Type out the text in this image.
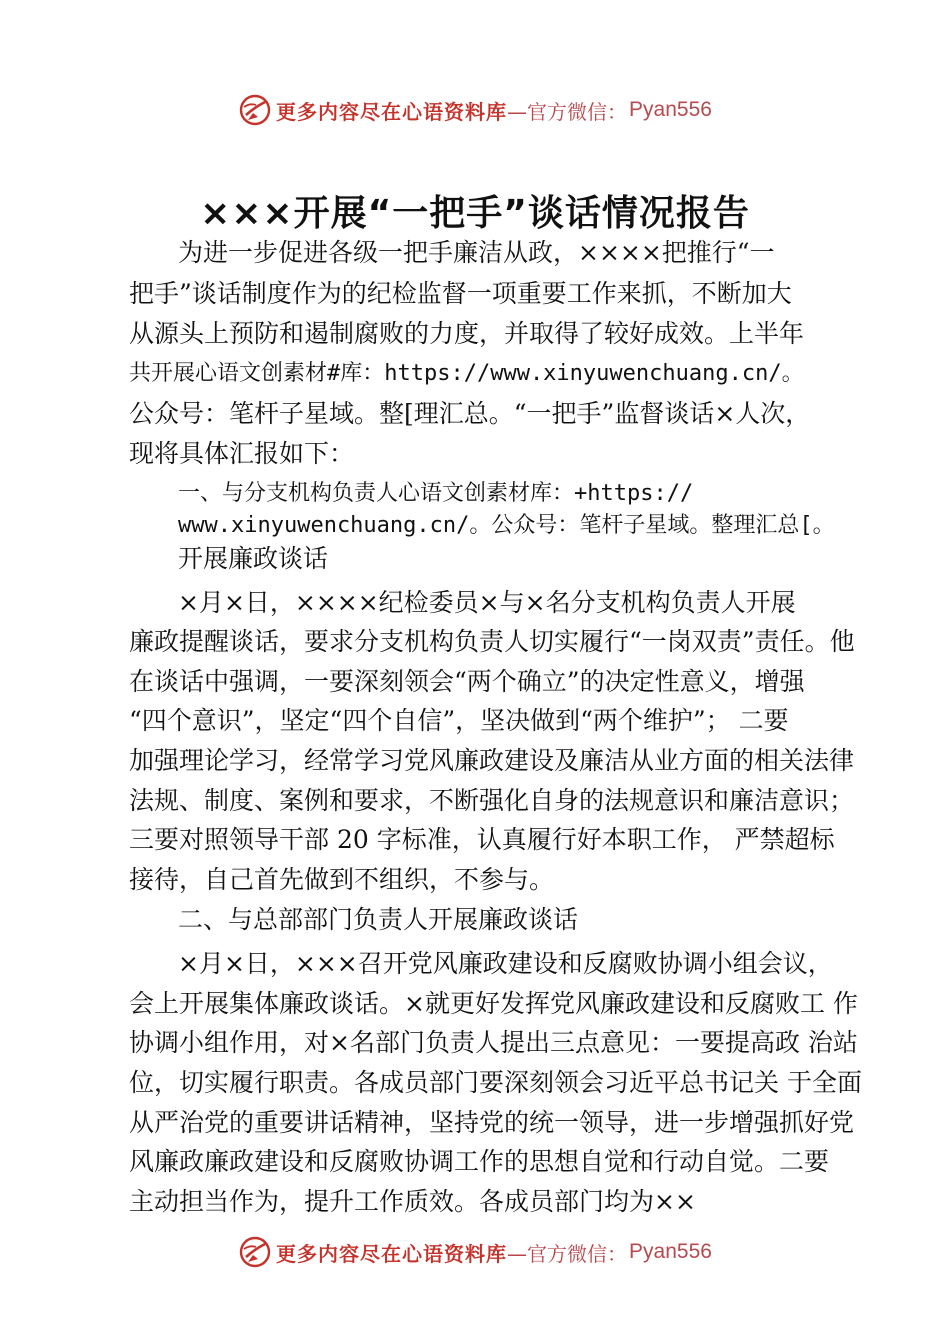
更多内容尽在心语资料库 —官方微信： Pyan556
×××开展“一把手”谈话情况报告
为进一步促进各级一把手廉洁从政，××××把推行“一
把手”谈话制度作为的纪检监督一项重要工作来抓，不断加大
从源头上预防和遏制腐败的力度，并取得了较好成效。上半年
共开展心语文创素材#库：https://www.xinyuwenchuang.cn/。
公众号：笔杆子星域。整[理汇总。“一把手”监督谈话×人次，
现将具体汇报如下：
一、与分支机构负责人心语文创素材库：+https://
www.xinyuwenchuang.cn/。公众号：笔杆子星域。整理汇总[。
开展廉政谈话
×月×日，××××纪检委员×与×名分支机构负责人开展
廉政提醒谈话，要求分支机构负责人切实履行“一岗双责”责任。他
在谈话中强调，一要深刻领会“两个确立”的决定性意义，增强
“四个意识”，坚定“四个自信”，坚决做到“两个维护”； 二要
加强理论学习，经常学习党风廉政建设及廉洁从业方面的相关法律
法规、制度、案例和要求，不断强化自身的法规意识和廉洁意识；
三要对照领导干部 20 字标准，认真履行好本职工作， 严禁超标
接待，自己首先做到不组织，不参与。
二、与总部部门负责人开展廉政谈话
×月×日，×××召开党风廉政建设和反腐败协调小组会议，
会上开展集体廉政谈话。×就更好发挥党风廉政建设和反腐败工 作
协调小组作用，对×名部门负责人提出三点意见：一要提高政 治站
位，切实履行职责。各成员部门要深刻领会习近平总书记关 于全面
从严治党的重要讲话精神，坚持党的统一领导，进一步增强抓好党
风廉政廉政建设和反腐败协调工作的思想自觉和行动自觉。二要
主动担当作为，提升工作质效。各成员部门均为××
更多内容尽在心语资料库 —官方微信： Pyan556
